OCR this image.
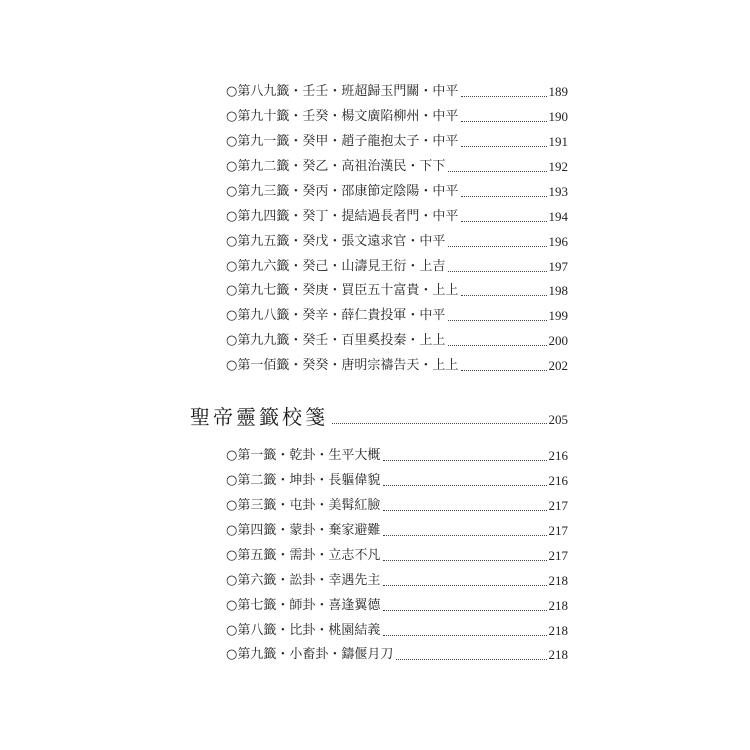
○第八九籤・壬壬・班超歸玉門關・中平	189
○第九十籤・壬癸・楊文廣陷柳州・中平	190
○第九一籤・癸甲・趙子龍抱太子・中平	191
○第九二籤・癸乙・高祖治漢民・下下	192
○第九三籤・癸丙・邵康節定陰陽・中平	193
○第九四籤・癸丁・提結過長者門・中平	194
○第九五籤・癸戊・張文遠求官・中平	196
○第九六籤・癸己・山濤見王衍・上吉	197
○第九七籤・癸庚・買臣五十富貴・上上	198
○第九八籤・癸辛・薛仁貴投軍・中平	199
○第九九籤・癸壬・百里奚投秦・上上	200
○第一佰籤・癸癸・唐明宗禱告天・上上	202
聖帝靈籤校箋	205
○第一籤・乾卦・生平大概	216
○第二籤・坤卦・長軀偉貌	216
○第三籤・屯卦・美髯紅臉	217
○第四籤・蒙卦・棄家避難	217
○第五籤・需卦・立志不凡	217
○第六籤・訟卦・幸遇先主	218
○第七籤・師卦・喜逢翼德	218
○第八籤・比卦・桃園結義	218
○第九籤・小畜卦・鑄偃月刀	218
